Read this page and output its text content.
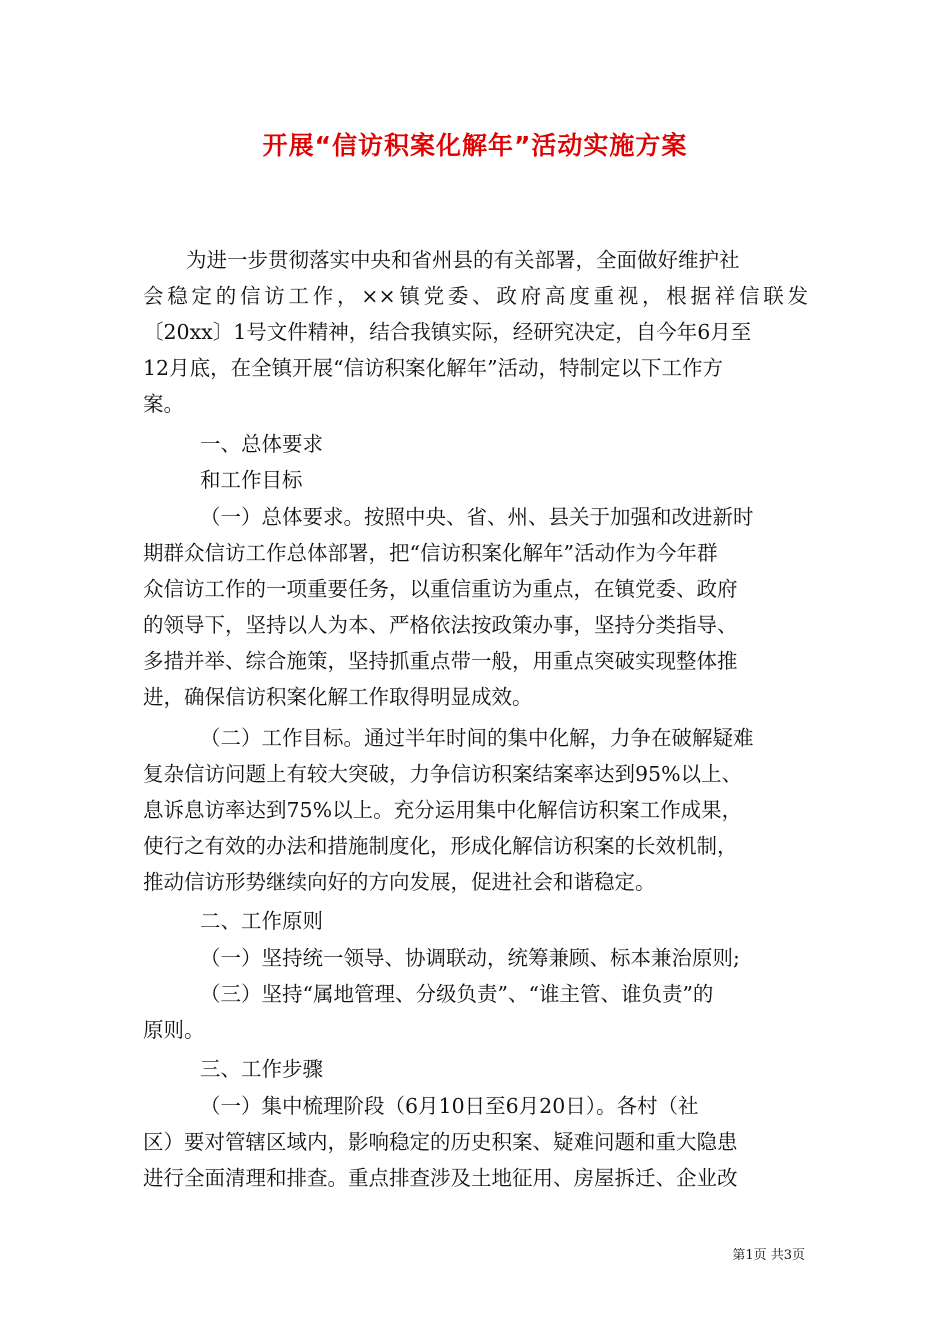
开展“信访积案化解年”活动实施方案
为进一步贯彻落实中央和省州县的有关部署，全面做好维护社
会稳定的信访工作，××镇党委、政府高度重视，根据祥信联发
〔20xx〕1号文件精神，结合我镇实际，经研究决定，自今年6月至
12月底，在全镇开展“信访积案化解年”活动，特制定以下工作方
案。
一、总体要求
和工作目标
（一）总体要求。按照中央、省、州、县关于加强和改进新时
期群众信访工作总体部署，把“信访积案化解年”活动作为今年群
众信访工作的一项重要任务，以重信重访为重点，在镇党委、政府
的领导下，坚持以人为本、严格依法按政策办事，坚持分类指导、
多措并举、综合施策，坚持抓重点带一般，用重点突破实现整体推
进，确保信访积案化解工作取得明显成效。
（二）工作目标。通过半年时间的集中化解，力争在破解疑难
复杂信访问题上有较大突破，力争信访积案结案率达到95%以上、
息诉息访率达到75%以上。充分运用集中化解信访积案工作成果，
使行之有效的办法和措施制度化，形成化解信访积案的长效机制，
推动信访形势继续向好的方向发展，促进社会和谐稳定。
二、工作原则
（一）坚持统一领导、协调联动，统筹兼顾、标本兼治原则;
（三）坚持“属地管理、分级负责”、“谁主管、谁负责”的
原则。
三、工作步骤
（一）集中梳理阶段（6月10日至6月20日）。各村（社
区）要对管辖区域内，影响稳定的历史积案、疑难问题和重大隐患
进行全面清理和排查。重点排查涉及土地征用、房屋拆迁、企业改
第1页 共3页
